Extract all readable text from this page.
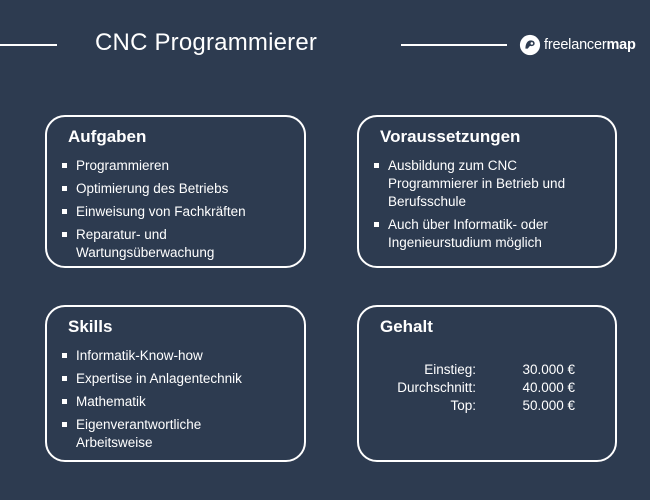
CNC Programmierer	freelancermap
Aufgaben
Programmieren
Optimierung des Betriebs
Einweisung von Fachkräften
Reparatur- und Wartungsüberwachung
Voraussetzungen
Ausbildung zum CNC Programmierer in Betrieb und Berufsschule
Auch über Informatik- oder Ingenieurstudium möglich
Skills
Informatik-Know-how
Expertise in Anlagentechnik
Mathematik
Eigenverantwortliche Arbeitsweise
Gehalt
Einstieg:	30.000 €
Durchschnitt:	40.000 €
Top:	50.000 €
